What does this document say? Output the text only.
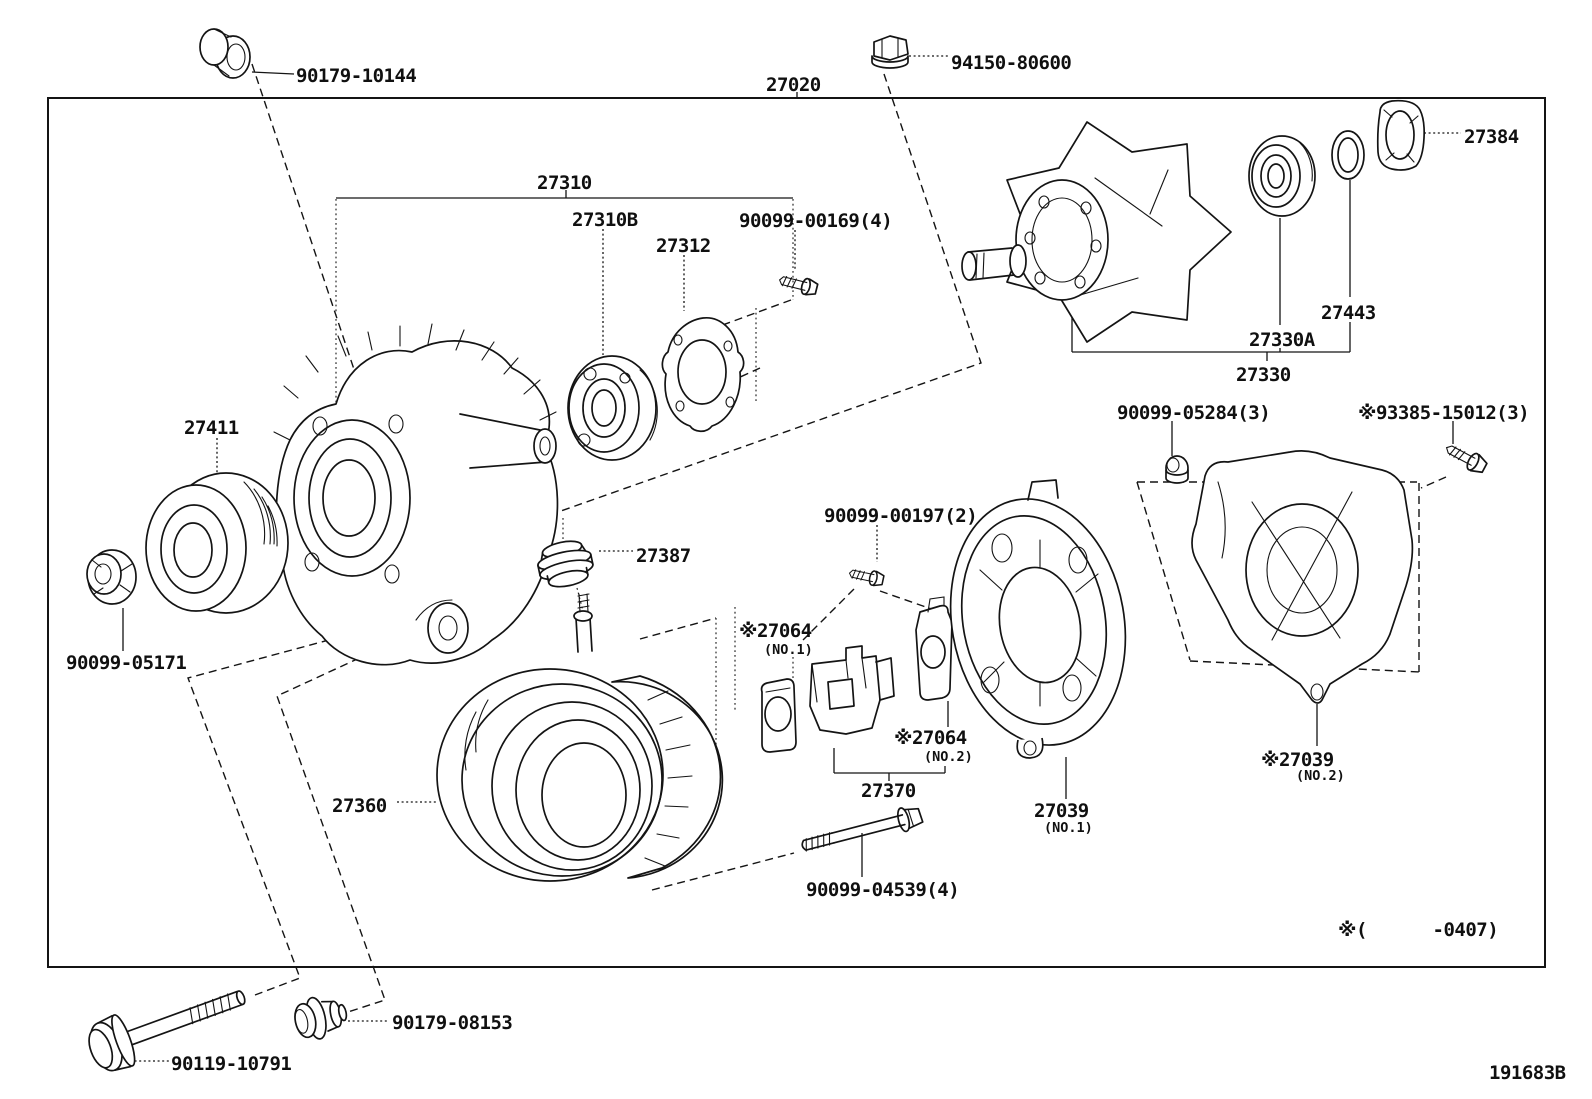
90179-10144
94150-80600
27020
27384
27310
27310B
27312
90099-00169(4)
27443
27330A
27330
90099-05284(3)	※93385-15012(3)
27411
27387
90099-00197(2)
※27064
(NO.1)
※27064
(NO.2)
90099-05171
27360
27370
27039
(NO.1)
※27039
(NO.2)
90099-04539(4)
90179-08153
90119-10791
※(      -0407)
191683B
